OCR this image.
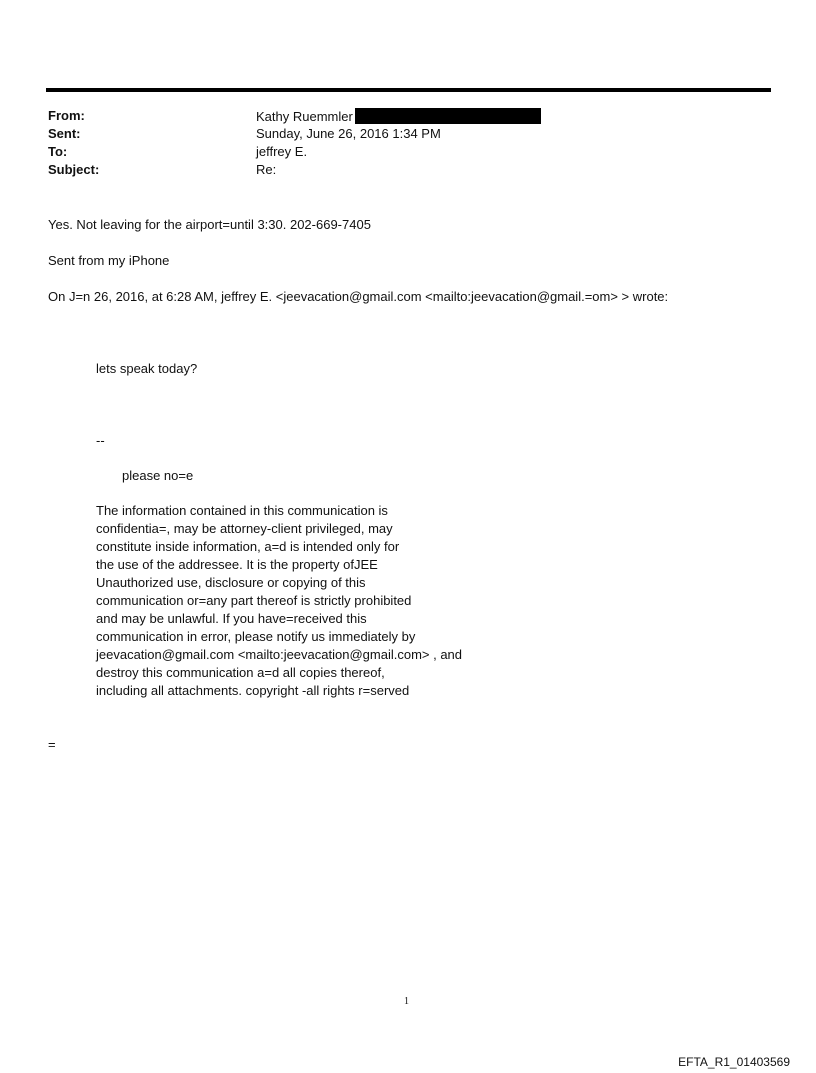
From:	Kathy Ruemmler
Sent:	Sunday, June 26, 2016 1:34 PM
To:	jeffrey E.
Subject:	Re:
Yes. Not leaving for the airport=until 3:30. 202-669-7405
Sent from my iPhone
On J=n 26, 2016, at 6:28 AM, jeffrey E. <jeevacation@gmail.com <mailto:jeevacation@gmail.=om> > wrote:
lets speak today?
--
please no=e
The information contained in this communication is
confidentia=, may be attorney-client privileged, may
constitute inside information, a=d is intended only for
the use of the addressee. It is the property ofJEE
Unauthorized use, disclosure or copying of this
communication or=any part thereof is strictly prohibited
and may be unlawful. If you have=received this
communication in error, please notify us immediately by
jeevacation@gmail.com <mailto:jeevacation@gmail.com> , and
destroy this communication a=d all copies thereof,
including all attachments. copyright -all rights r=served
=
1
EFTA_R1_01403569
